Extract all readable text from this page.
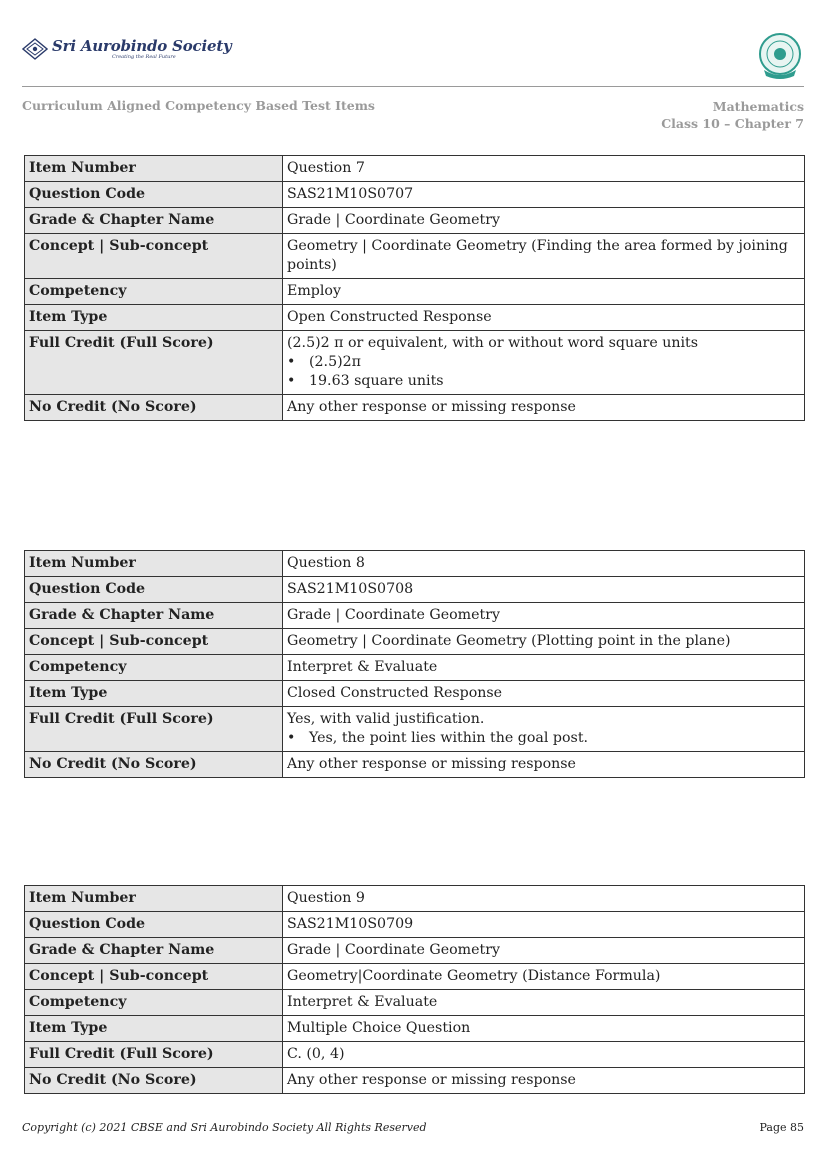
Sri Aurobindo Society
Creating the Real Future
Curriculum Aligned Competency Based Test Items	Mathematics
Class 10 – Chapter 7
Item Number	Question 7
Question Code	SAS21M10S0707
Grade & Chapter Name	Grade | Coordinate Geometry
Concept | Sub-concept	Geometry | Coordinate Geometry (Finding the area formed by joining points)
Competency	Employ
Item Type	Open Constructed Response
Full Credit (Full Score)	(2.5)2 π or equivalent, with or without word square units
• (2.5)2π
• 19.63 square units

No Credit (No Score)	Any other response or missing response
Item Number	Question 8
Question Code	SAS21M10S0708
Grade & Chapter Name	Grade | Coordinate Geometry
Concept | Sub-concept	Geometry | Coordinate Geometry (Plotting point in the plane)
Competency	Interpret & Evaluate
Item Type	Closed Constructed Response
Full Credit (Full Score)	Yes, with valid justification.
• Yes, the point lies within the goal post.

No Credit (No Score)	Any other response or missing response
Item Number	Question 9
Question Code	SAS21M10S0709
Grade & Chapter Name	Grade | Coordinate Geometry
Concept | Sub-concept	Geometry|Coordinate Geometry (Distance Formula)
Competency	Interpret & Evaluate
Item Type	Multiple Choice Question
Full Credit (Full Score)	C. (0, 4)
No Credit (No Score)	Any other response or missing response
Copyright (c) 2021 CBSE and Sri Aurobindo Society All Rights Reserved	Page 85
